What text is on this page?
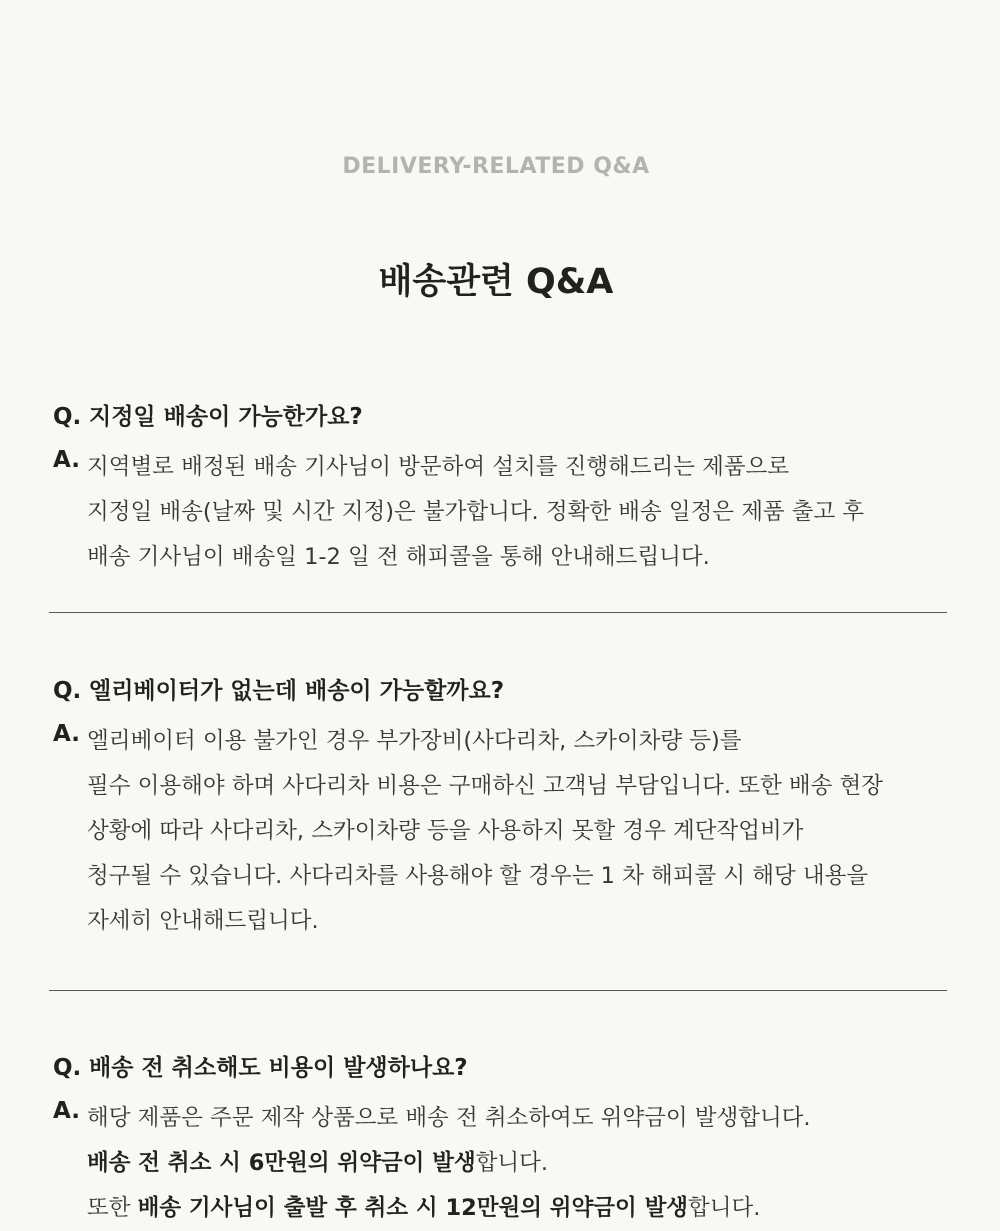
DELIVERY-RELATED Q&A
배송관련 Q&A
Q. 지정일 배송이 가능한가요?
A. 지역별로 배정된 배송 기사님이 방문하여 설치를 진행해드리는 제품으로
지정일 배송(날짜 및 시간 지정)은 불가합니다. 정확한 배송 일정은 제품 출고 후
배송 기사님이 배송일 1-2 일 전 해피콜을 통해 안내해드립니다.
Q. 엘리베이터가 없는데 배송이 가능할까요?
A. 엘리베이터 이용 불가인 경우 부가장비(사다리차, 스카이차량 등)를
필수 이용해야 하며 사다리차 비용은 구매하신 고객님 부담입니다. 또한 배송 현장
상황에 따라 사다리차, 스카이차량 등을 사용하지 못할 경우 계단작업비가
청구될 수 있습니다. 사다리차를 사용해야 할 경우는 1 차 해피콜 시 해당 내용을
자세히 안내해드립니다.
Q. 배송 전 취소해도 비용이 발생하나요?
A. 해당 제품은 주문 제작 상품으로 배송 전 취소하여도 위약금이 발생합니다.
배송 전 취소 시 6만원의 위약금이 발생합니다.
또한 배송 기사님이 출발 후 취소 시 12만원의 위약금이 발생합니다.
